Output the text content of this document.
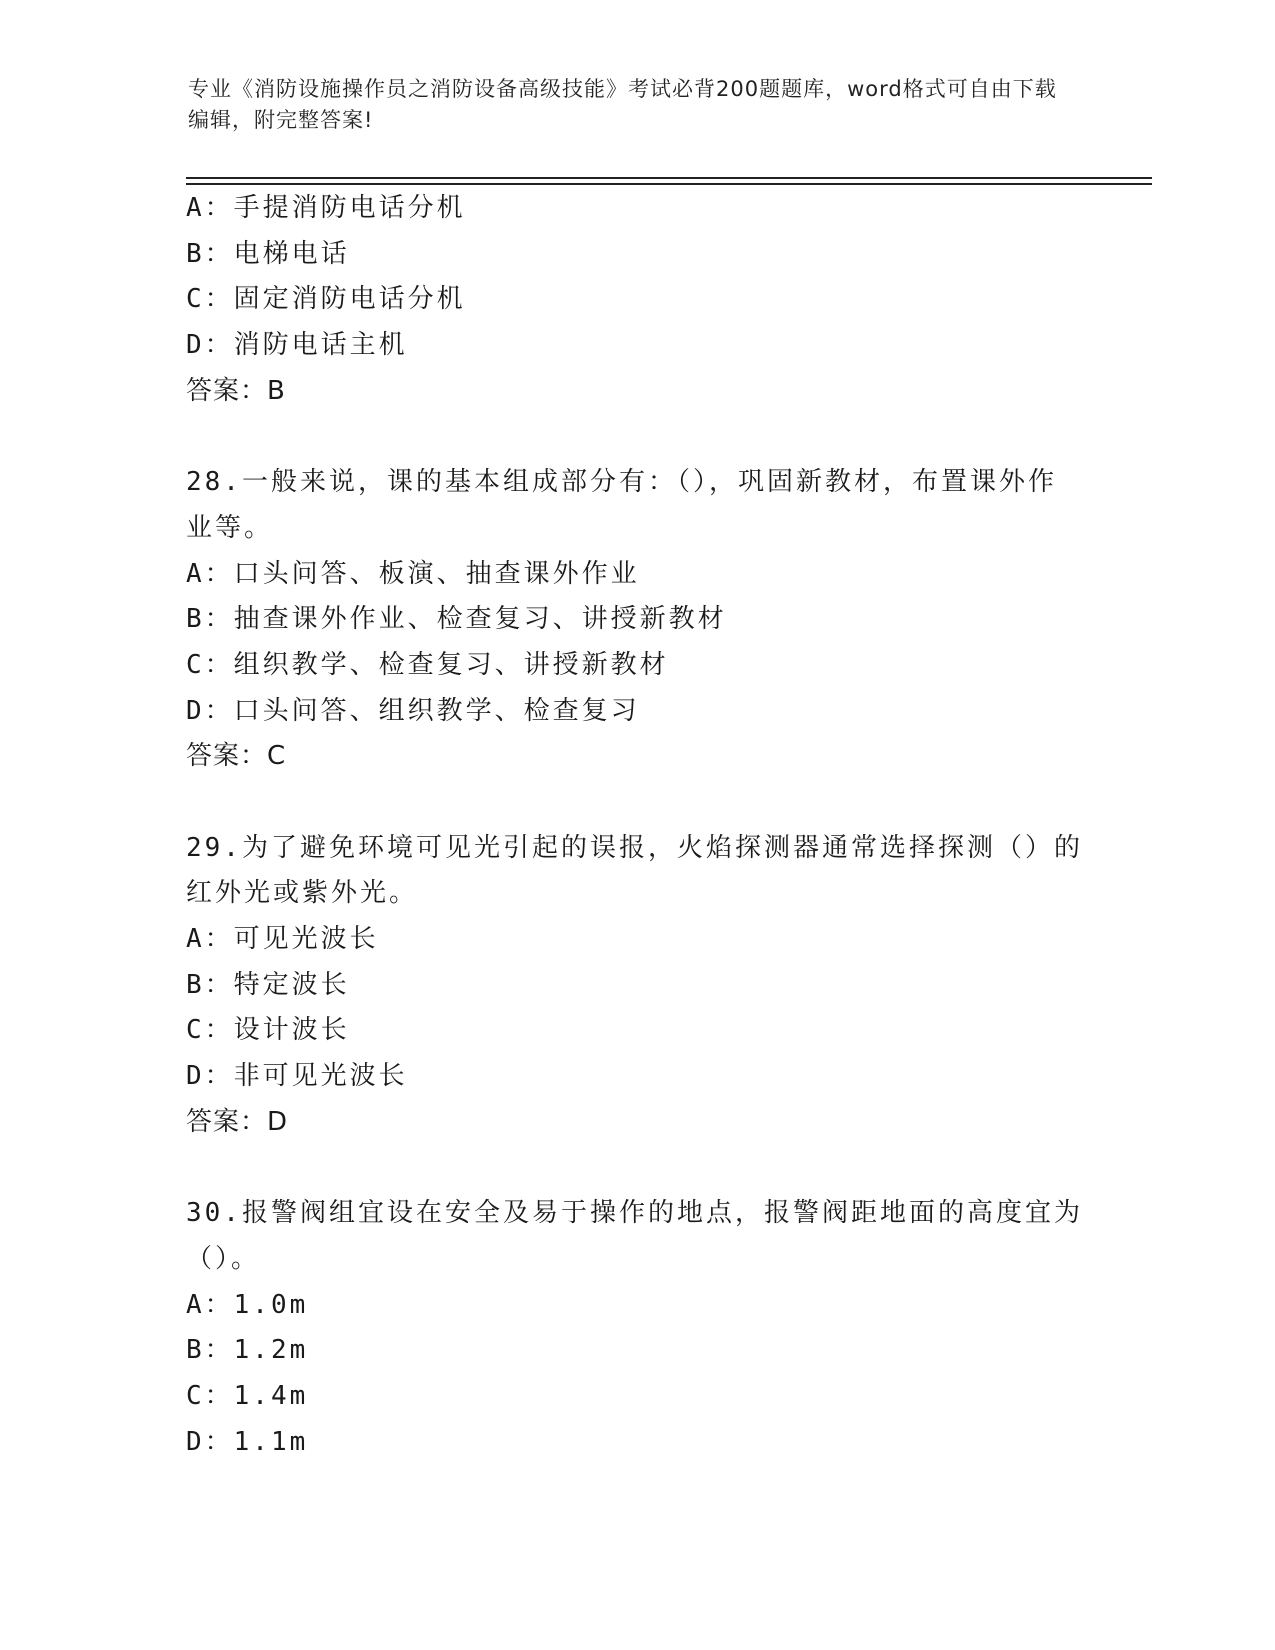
专业《消防设施操作员之消防设备高级技能》考试必背200题题库，word格式可自由下载编辑，附完整答案!
A：手提消防电话分机
B：电梯电话
C：固定消防电话分机
D：消防电话主机
答案：B
28.一般来说，课的基本组成部分有：（），巩固新教材，布置课外作
业等。
A：口头问答、板演、抽查课外作业
B：抽查课外作业、检查复习、讲授新教材
C：组织教学、检查复习、讲授新教材
D：口头问答、组织教学、检查复习
答案：C
29.为了避免环境可见光引起的误报，火焰探测器通常选择探测（）的
红外光或紫外光。
A：可见光波长
B：特定波长
C：设计波长
D：非可见光波长
答案：D
30.报警阀组宜设在安全及易于操作的地点，报警阀距地面的高度宜为
（）。
A：1.0m
B：1.2m
C：1.4m
D：1.1m
